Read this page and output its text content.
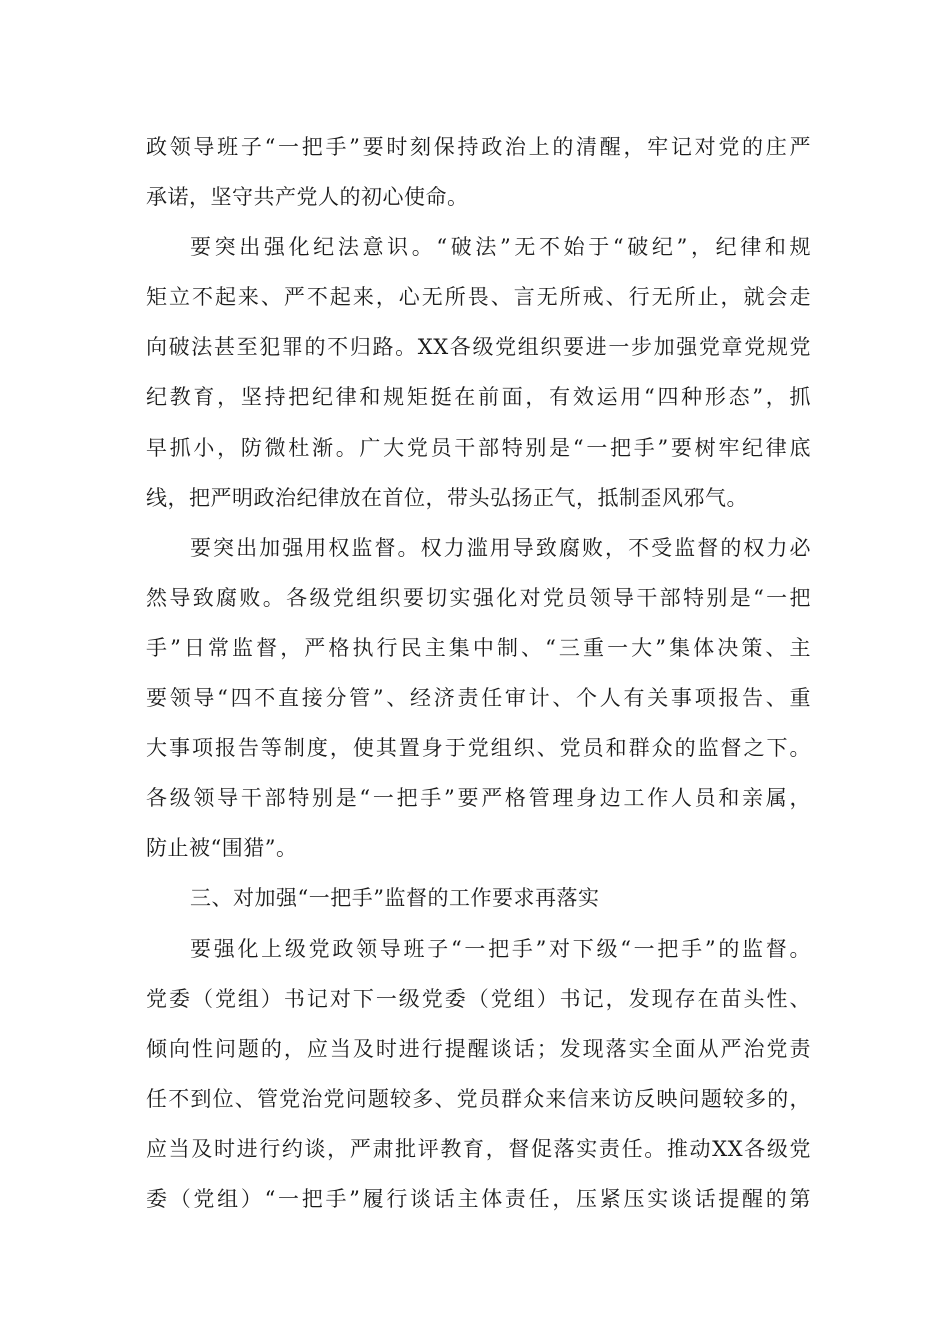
政领导班子“一把手”要时刻保持政治上的清醒，牢记对党的庄严
承诺，坚守共产党人的初心使命。
要突出强化纪法意识。“破法”无不始于“破纪”，纪律和规
矩立不起来、严不起来，心无所畏、言无所戒、行无所止，就会走
向破法甚至犯罪的不归路。XX各级党组织要进一步加强党章党规党
纪教育，坚持把纪律和规矩挺在前面，有效运用“四种形态”，抓
早抓小，防微杜渐。广大党员干部特别是“一把手”要树牢纪律底
线，把严明政治纪律放在首位，带头弘扬正气，抵制歪风邪气。
要突出加强用权监督。权力滥用导致腐败，不受监督的权力必
然导致腐败。各级党组织要切实强化对党员领导干部特别是“一把
手”日常监督，严格执行民主集中制、“三重一大”集体决策、主
要领导“四不直接分管”、经济责任审计、个人有关事项报告、重
大事项报告等制度，使其置身于党组织、党员和群众的监督之下。
各级领导干部特别是“一把手”要严格管理身边工作人员和亲属，
防止被“围猎”。
三、对加强“一把手”监督的工作要求再落实
要强化上级党政领导班子“一把手”对下级“一把手”的监督。
党委（党组）书记对下一级党委（党组）书记，发现存在苗头性、
倾向性问题的，应当及时进行提醒谈话；发现落实全面从严治党责
任不到位、管党治党问题较多、党员群众来信来访反映问题较多的，
应当及时进行约谈，严肃批评教育，督促落实责任。推动XX各级党
委（党组）“一把手”履行谈话主体责任，压紧压实谈话提醒的第
